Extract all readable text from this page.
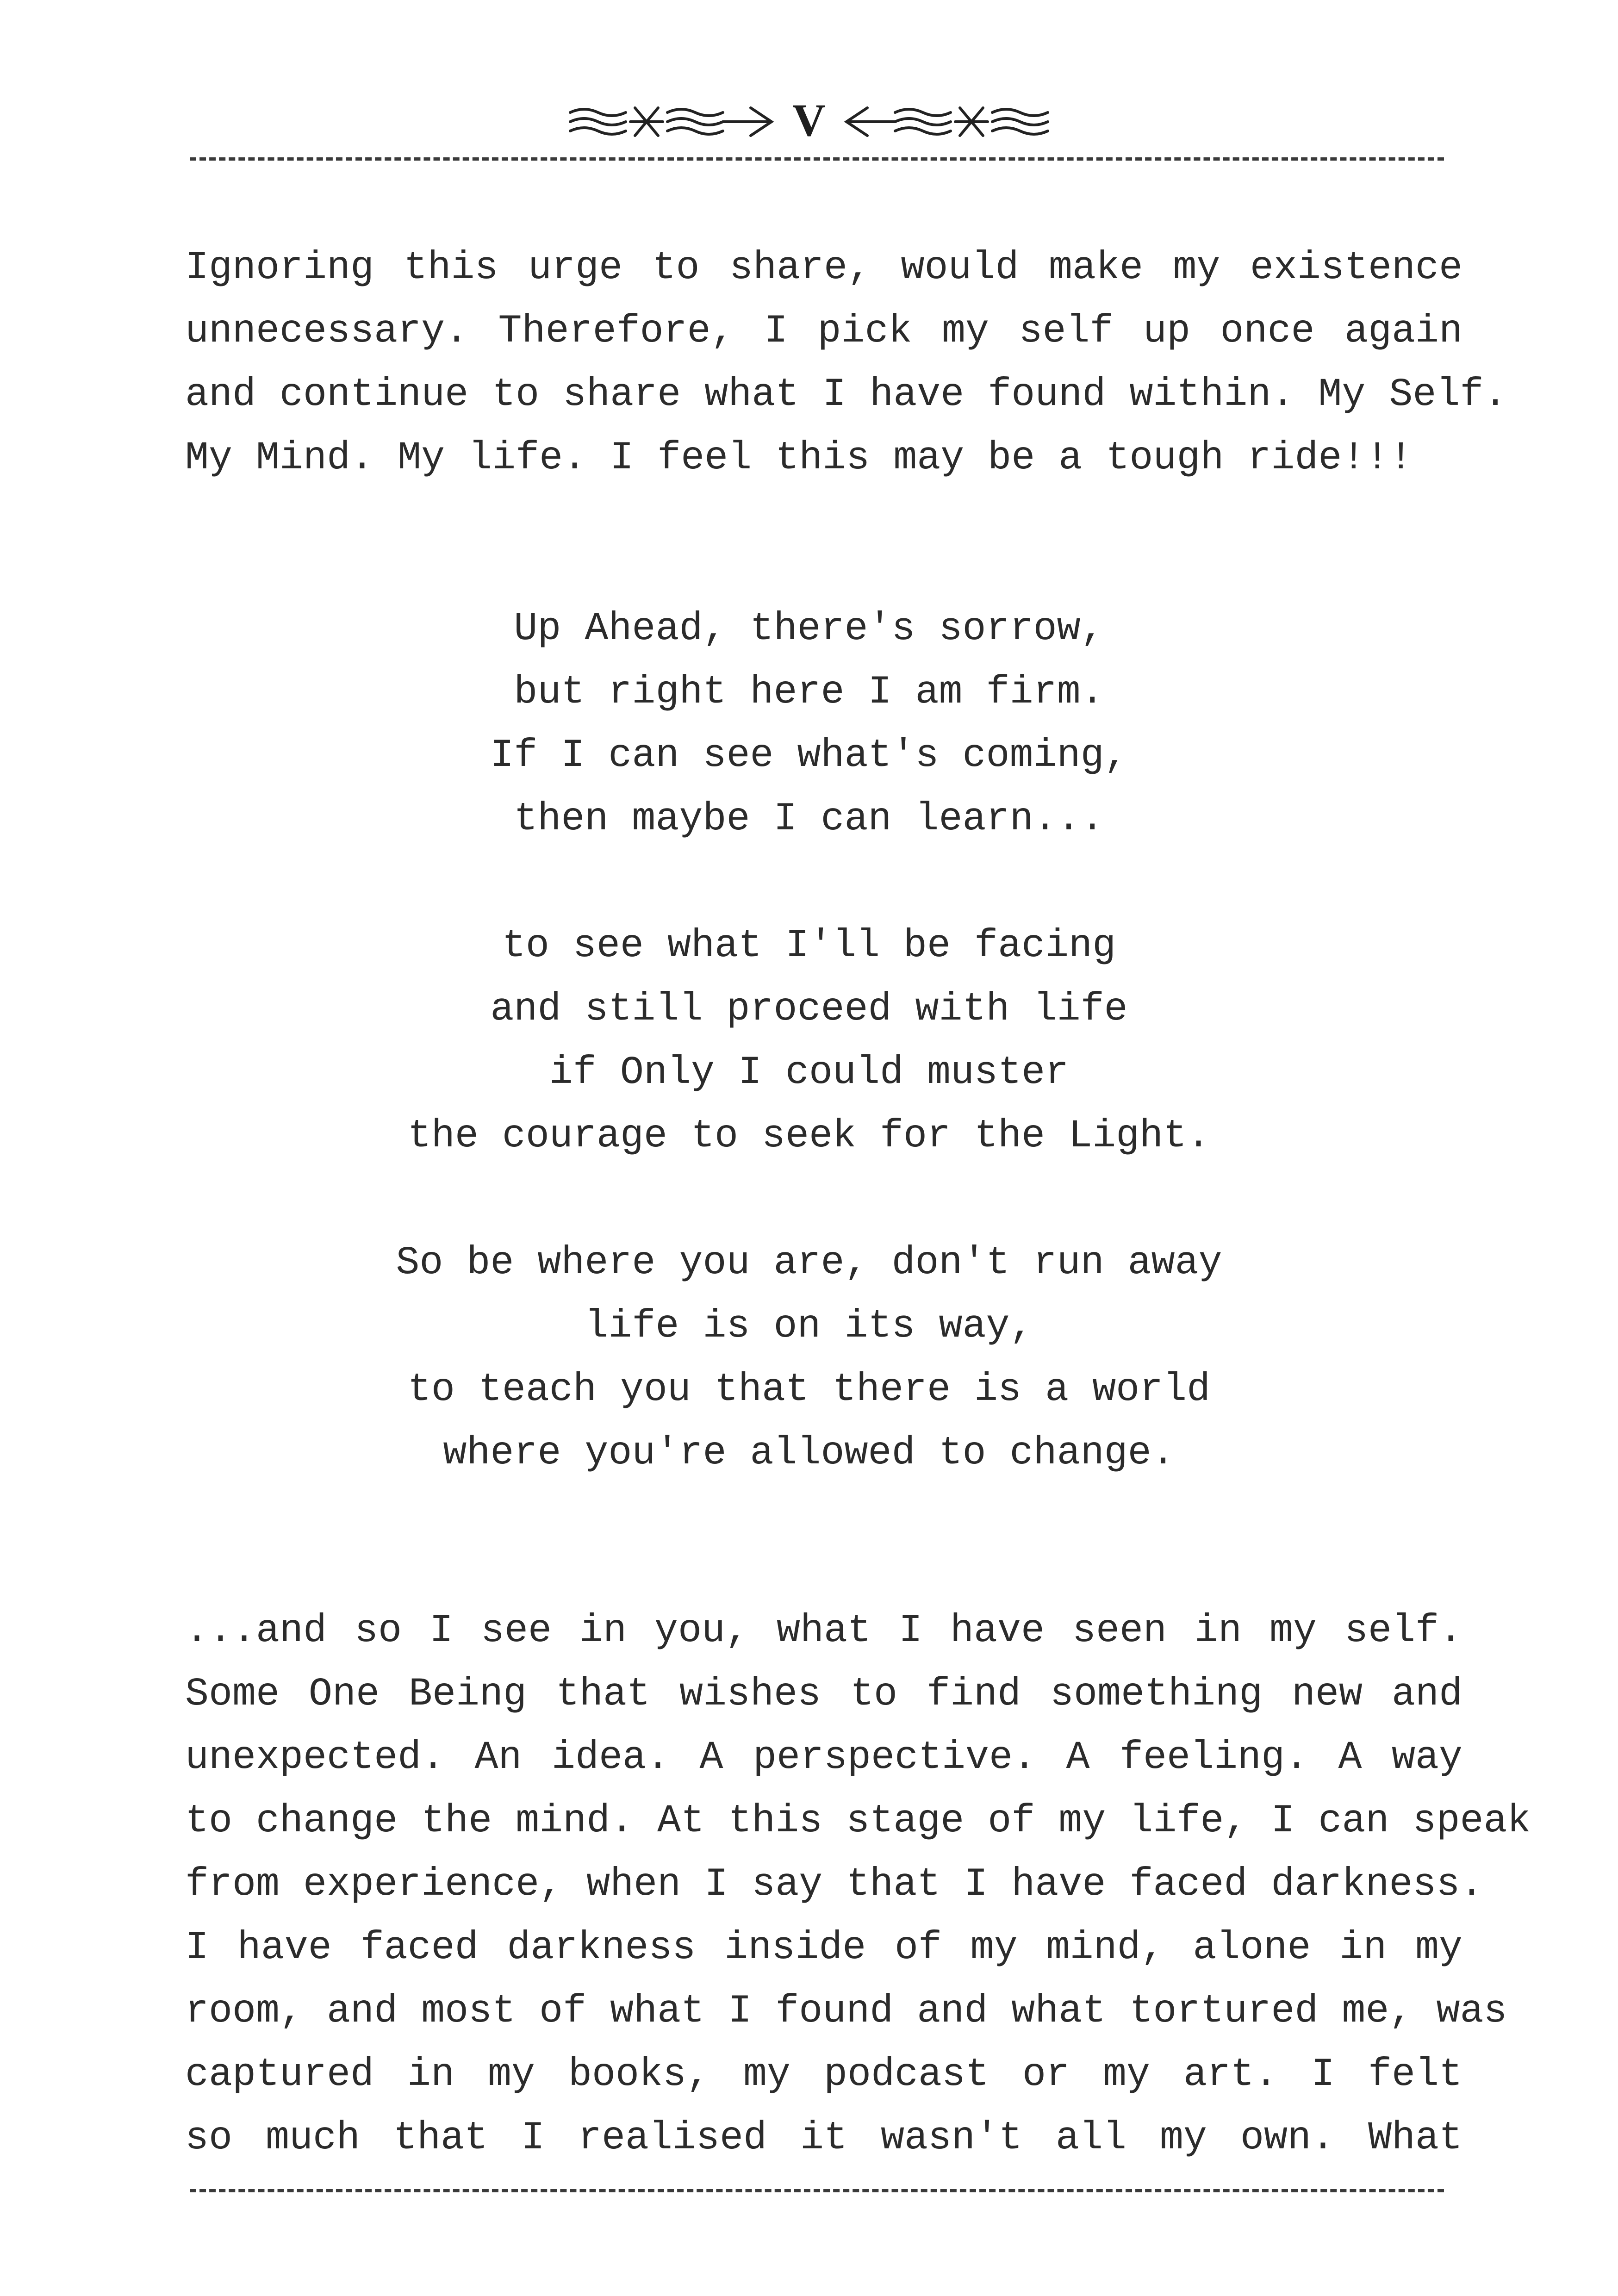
V
Ignoring this urge to share, would make my existence
unnecessary. Therefore, I pick my self up once again
and continue to share what I have found within. My Self.
My Mind. My life. I feel this may be a tough ride!!!
Up Ahead, there's sorrow,
but right here I am firm.
If I can see what's coming,
then maybe I can learn...
to see what I'll be facing
and still proceed with life
if Only I could muster
the courage to seek for the Light.
So be where you are, don't run away
life is on its way,
to teach you that there is a world
where you're allowed to change.
...and so I see in you, what I have seen in my self.
Some One Being that wishes to find something new and
unexpected. An idea. A perspective. A feeling. A way
to change the mind. At this stage of my life, I can speak
from experience, when I say that I have faced darkness.
I have faced darkness inside of my mind, alone in my
room, and most of what I found and what tortured me, was
captured in my books, my podcast or my art. I felt
so much that I realised it wasn't all my own. What
